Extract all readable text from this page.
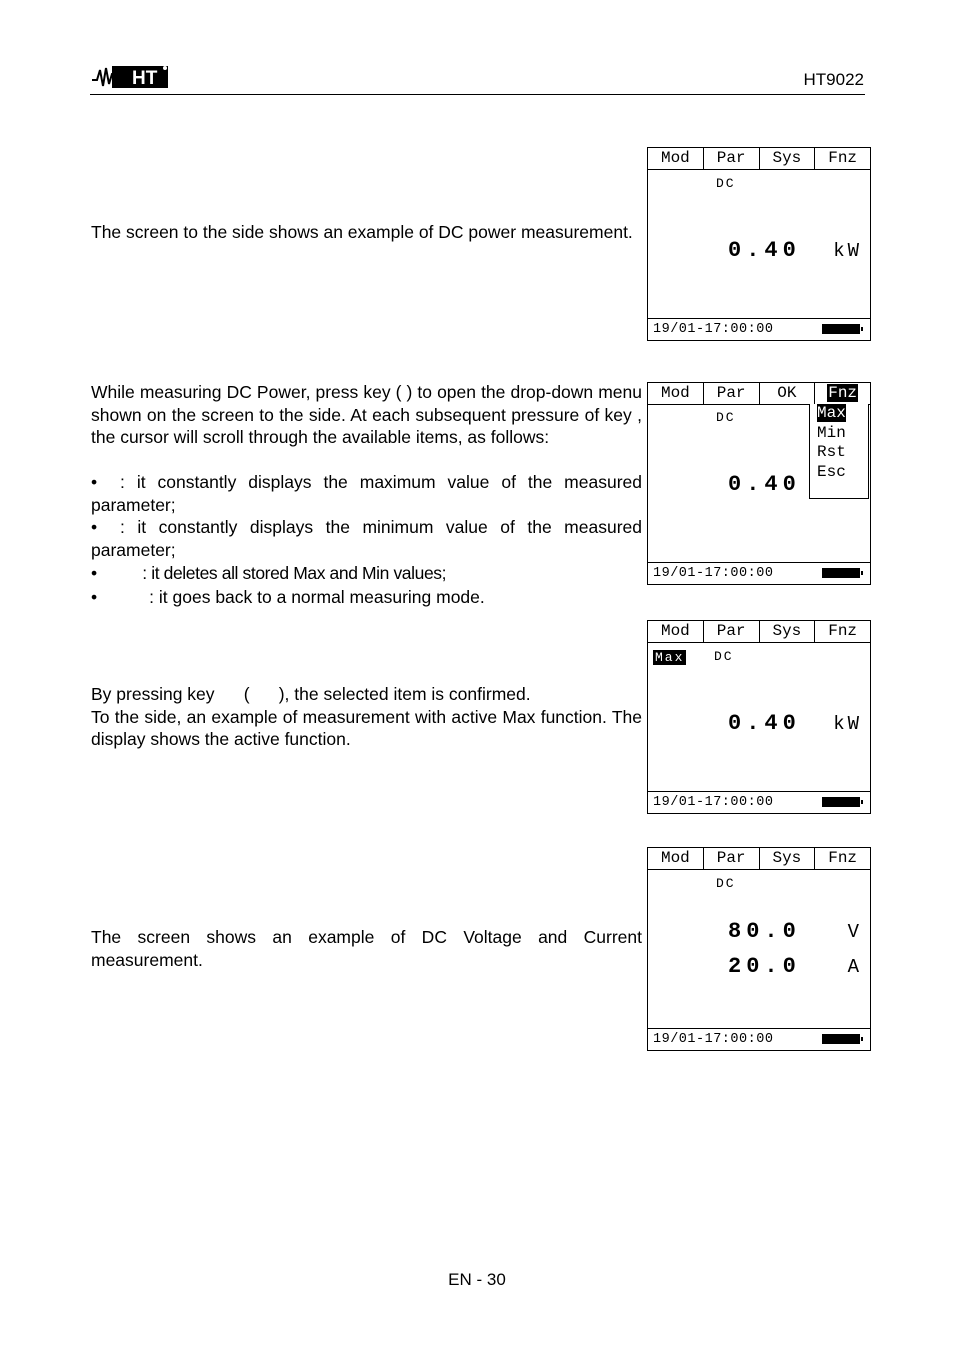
HT	HT9022

The screen to the side shows an example of DC power measurement.

Mod	Par	Sys	Fnz
DC
0.40 kW
19/01-17:00:00

While measuring DC Power, press key ( ) to open the drop-down menu shown on the screen to the side. At each subsequent pressure of key , the cursor will scroll through the available items, as follows:

•	: it constantly displays the maximum value of the measured parameter;
•	: it constantly displays the minimum value of the measured parameter;
• : it deletes all stored Max and Min values;
• : it goes back to a normal measuring mode.
Mod	Par	OK	Fnz
DC
0.40
Max
Min
Rst
Esc
19/01-17:00:00

By pressing key      (      ), the selected item is confirmed.

To the side, an example of measurement with active Max function. The display shows the active function.

Mod	Par	Sys	Fnz
Max DC
0.40 kW
19/01-17:00:00

The screen shows an example of DC Voltage and Current measurement.

Mod	Par	Sys	Fnz
DC
80.0 V
20.0 A
19/01-17:00:00
EN - 30
